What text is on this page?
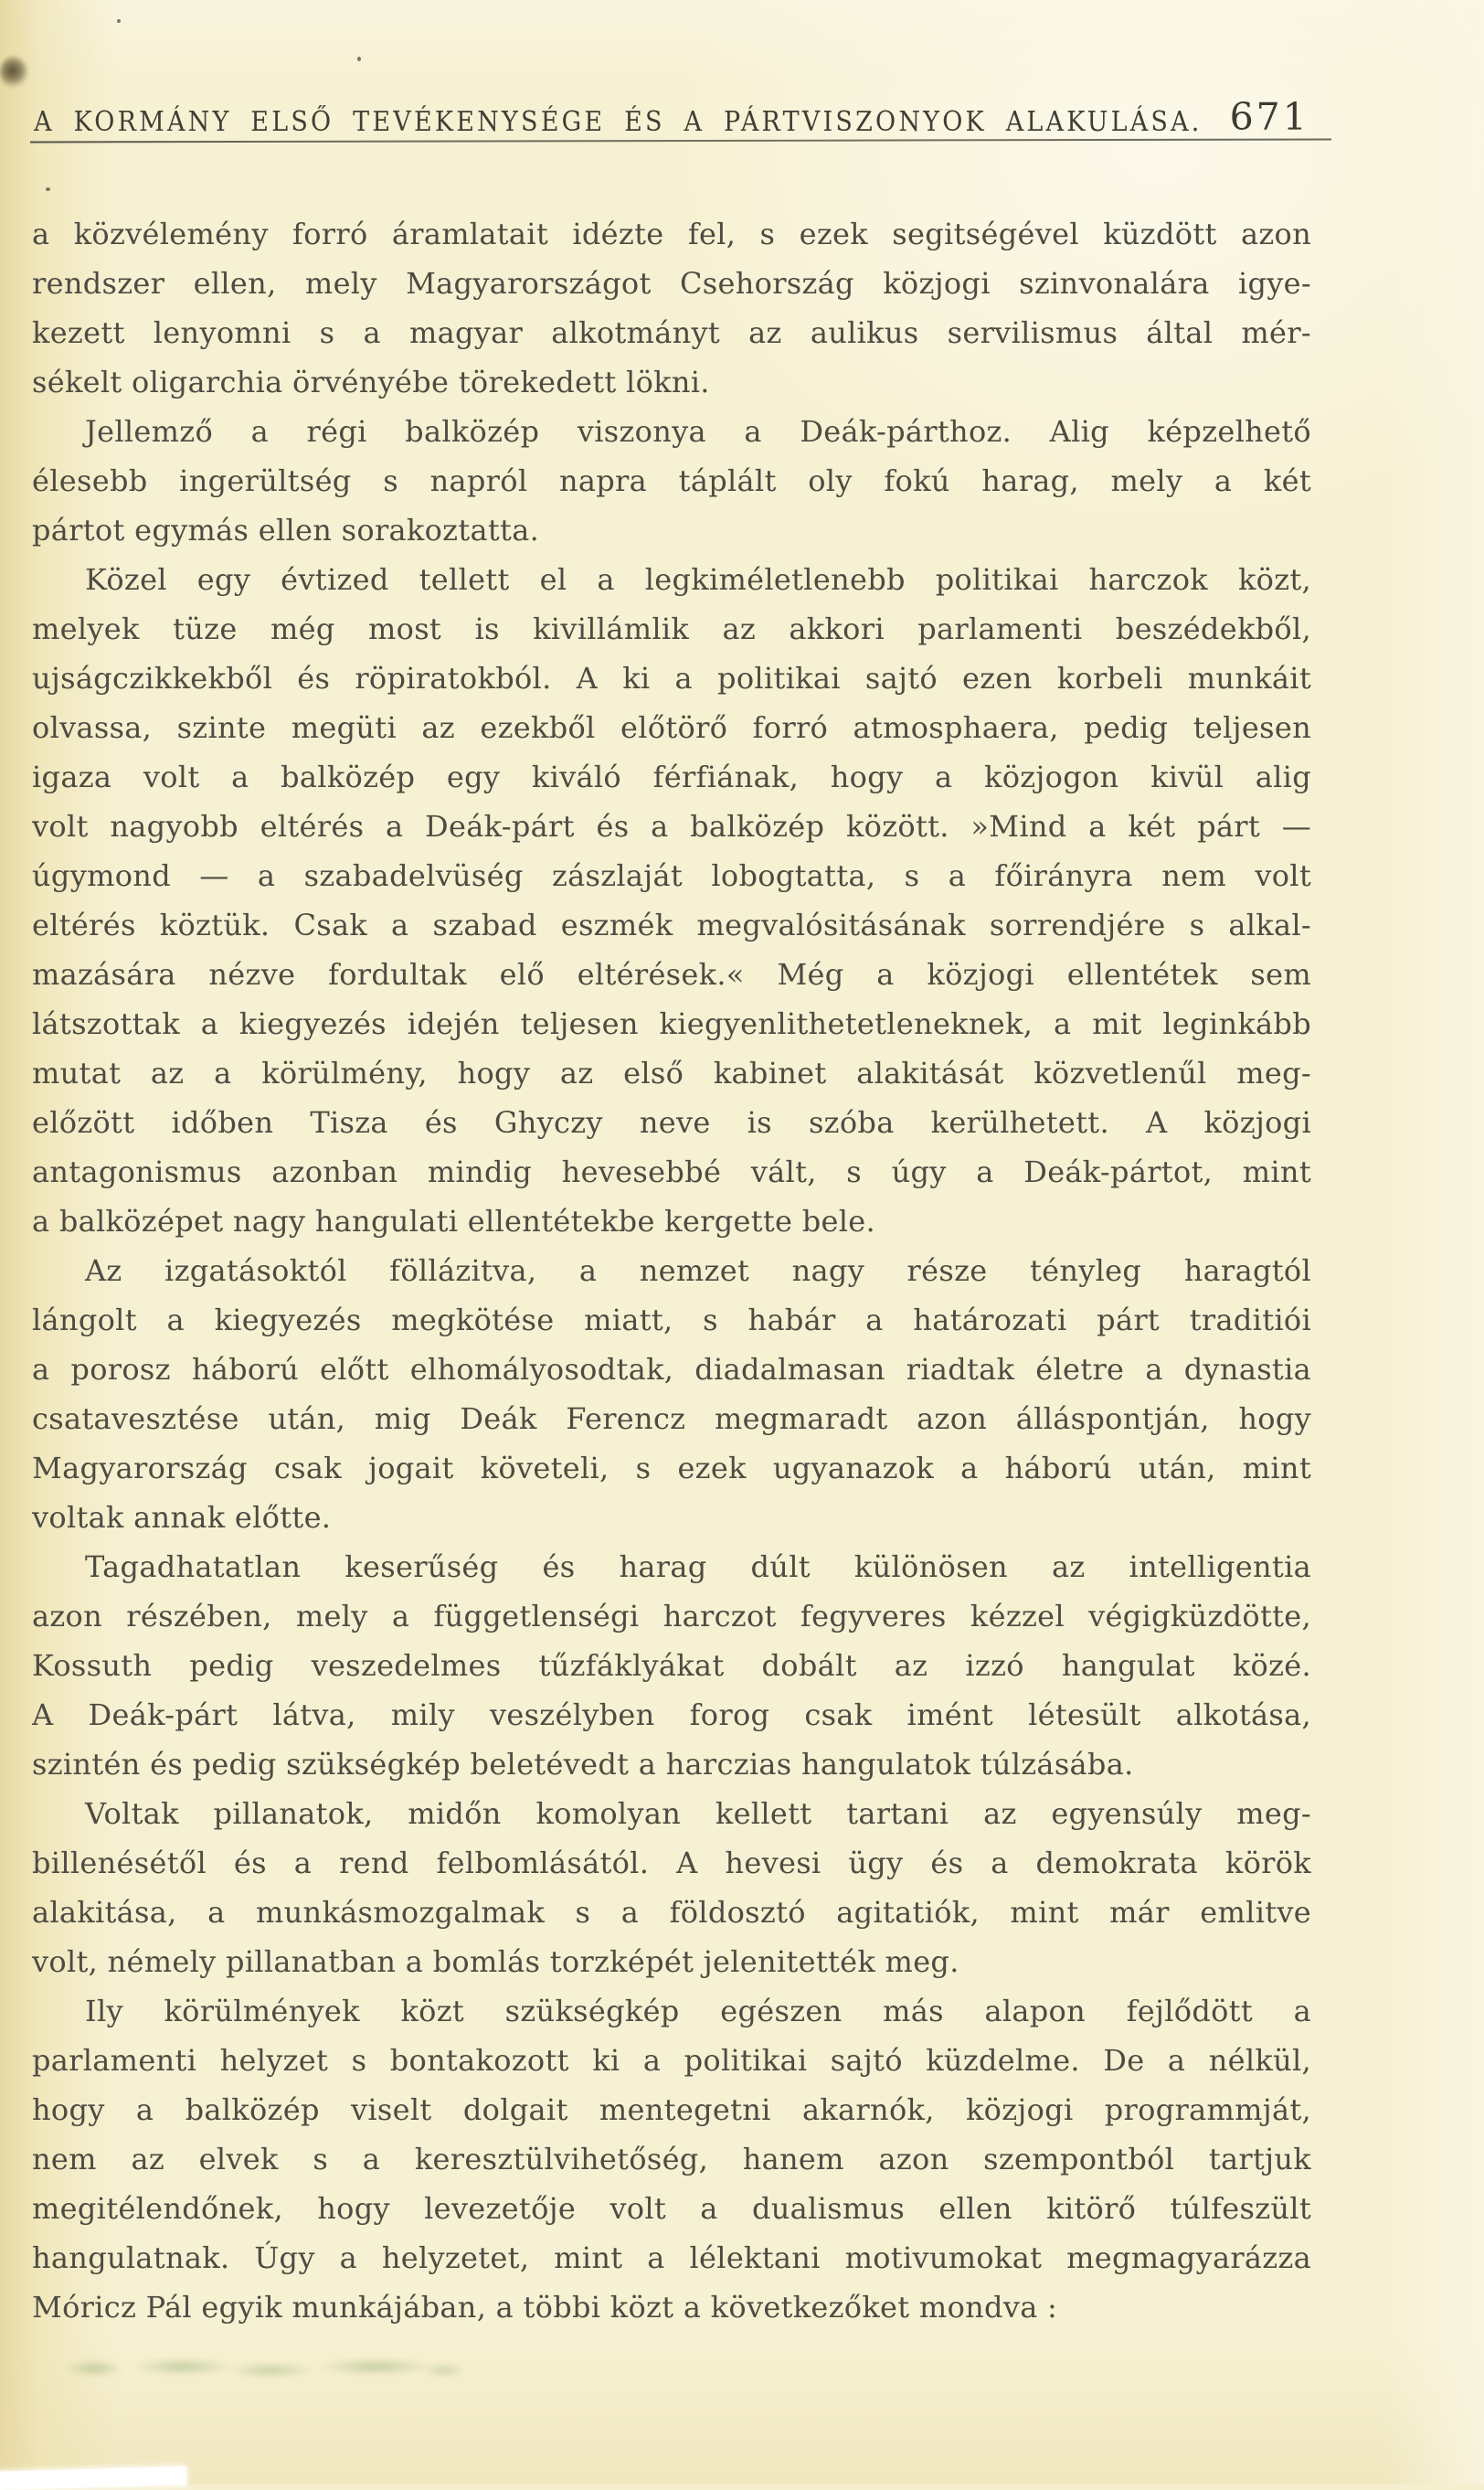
A KORMÁNY ELSŐ TEVÉKENYSÉGE ÉS A PÁRTVISZONYOK ALAKULÁSA. 671
a közvélemény forró áramlatait idézte fel, s ezek segitségével küzdött azon
rendszer ellen, mely Magyarországot Csehország közjogi szinvonalára igye-
kezett lenyomni s a magyar alkotmányt az aulikus servilismus által mér-
sékelt oligarchia örvényébe törekedett lökni.
Jellemző a régi balközép viszonya a Deák-párthoz. Alig képzelhető
élesebb ingerültség s napról napra táplált oly fokú harag, mely a két
pártot egymás ellen sorakoztatta.
Közel egy évtized tellett el a legkiméletlenebb politikai harczok közt,
melyek tüze még most is kivillámlik az akkori parlamenti beszédekből,
ujságczikkekből és röpiratokból. A ki a politikai sajtó ezen korbeli munkáit
olvassa, szinte megüti az ezekből előtörő forró atmosphaera, pedig teljesen
igaza volt a balközép egy kiváló férfiának, hogy a közjogon kivül alig
volt nagyobb eltérés a Deák-párt és a balközép között. »Mind a két párt —
úgymond — a szabadelvüség zászlaját lobogtatta, s a főirányra nem volt
eltérés köztük. Csak a szabad eszmék megvalósitásának sorrendjére s alkal-
mazására nézve fordultak elő eltérések.« Még a közjogi ellentétek sem
látszottak a kiegyezés idején teljesen kiegyenlithetetleneknek, a mit leginkább
mutat az a körülmény, hogy az első kabinet alakitását közvetlenűl meg-
előzött időben Tisza és Ghyczy neve is szóba kerülhetett. A közjogi
antagonismus azonban mindig hevesebbé vált, s úgy a Deák-pártot, mint
a balközépet nagy hangulati ellentétekbe kergette bele.
Az izgatásoktól föllázitva, a nemzet nagy része tényleg haragtól
lángolt a kiegyezés megkötése miatt, s habár a határozati párt traditiói
a porosz háború előtt elhomályosodtak, diadalmasan riadtak életre a dynastia
csatavesztése után, mig Deák Ferencz megmaradt azon álláspontján, hogy
Magyarország csak jogait követeli, s ezek ugyanazok a háború után, mint
voltak annak előtte.
Tagadhatatlan keserűség és harag dúlt különösen az intelligentia
azon részében, mely a függetlenségi harczot fegyveres kézzel végigküzdötte,
Kossuth pedig veszedelmes tűzfáklyákat dobált az izzó hangulat közé.
A Deák-párt látva, mily veszélyben forog csak imént létesült alkotása,
szintén és pedig szükségkép beletévedt a harczias hangulatok túlzásába.
Voltak pillanatok, midőn komolyan kellett tartani az egyensúly meg-
billenésétől és a rend felbomlásától. A hevesi ügy és a demokrata körök
alakitása, a munkásmozgalmak s a földosztó agitatiók, mint már emlitve
volt, némely pillanatban a bomlás torzképét jelenitették meg.
Ily körülmények közt szükségkép egészen más alapon fejlődött a
parlamenti helyzet s bontakozott ki a politikai sajtó küzdelme. De a nélkül,
hogy a balközép viselt dolgait mentegetni akarnók, közjogi programmját,
nem az elvek s a keresztülvihetőség, hanem azon szempontból tartjuk
megitélendőnek, hogy levezetője volt a dualismus ellen kitörő túlfeszült
hangulatnak. Úgy a helyzetet, mint a lélektani motivumokat megmagyarázza
Móricz Pál egyik munkájában, a többi közt a következőket mondva :
